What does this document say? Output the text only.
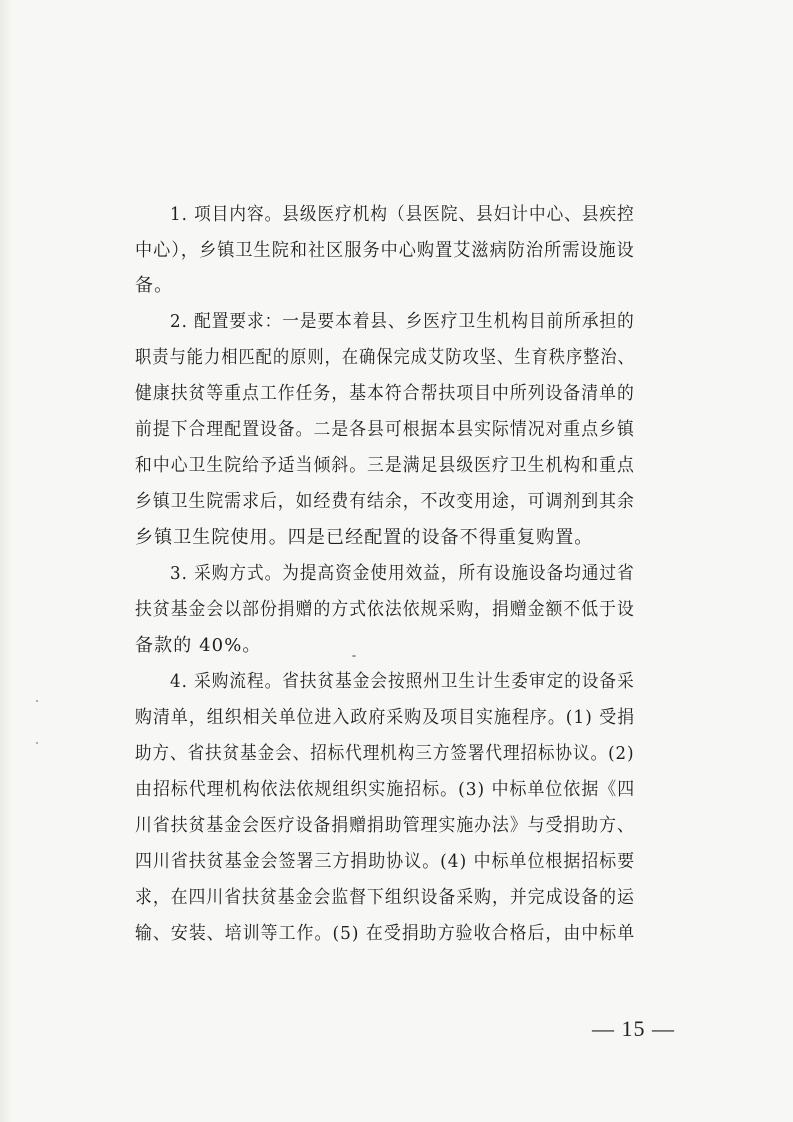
1. 项目内容。县级医疗机构（县医院、县妇计中心、县疾控
中心），乡镇卫生院和社区服务中心购置艾滋病防治所需设施设
备。
2. 配置要求：一是要本着县、乡医疗卫生机构目前所承担的
职责与能力相匹配的原则，在确保完成艾防攻坚、生育秩序整治、
健康扶贫等重点工作任务，基本符合帮扶项目中所列设备清单的
前提下合理配置设备。二是各县可根据本县实际情况对重点乡镇
和中心卫生院给予适当倾斜。三是满足县级医疗卫生机构和重点
乡镇卫生院需求后，如经费有结余，不改变用途，可调剂到其余
乡镇卫生院使用。四是已经配置的设备不得重复购置。
3. 采购方式。为提高资金使用效益，所有设施设备均通过省
扶贫基金会以部份捐赠的方式依法依规采购，捐赠金额不低于设
备款的 40%。
4. 采购流程。省扶贫基金会按照州卫生计生委审定的设备采
购清单，组织相关单位进入政府采购及项目实施程序。(1) 受捐
助方、省扶贫基金会、招标代理机构三方签署代理招标协议。(2)
由招标代理机构依法依规组织实施招标。(3) 中标单位依据《四
川省扶贫基金会医疗设备捐赠捐助管理实施办法》与受捐助方、
四川省扶贫基金会签署三方捐助协议。(4) 中标单位根据招标要
求，在四川省扶贫基金会监督下组织设备采购，并完成设备的运
输、安装、培训等工作。(5) 在受捐助方验收合格后，由中标单
— 15 —
